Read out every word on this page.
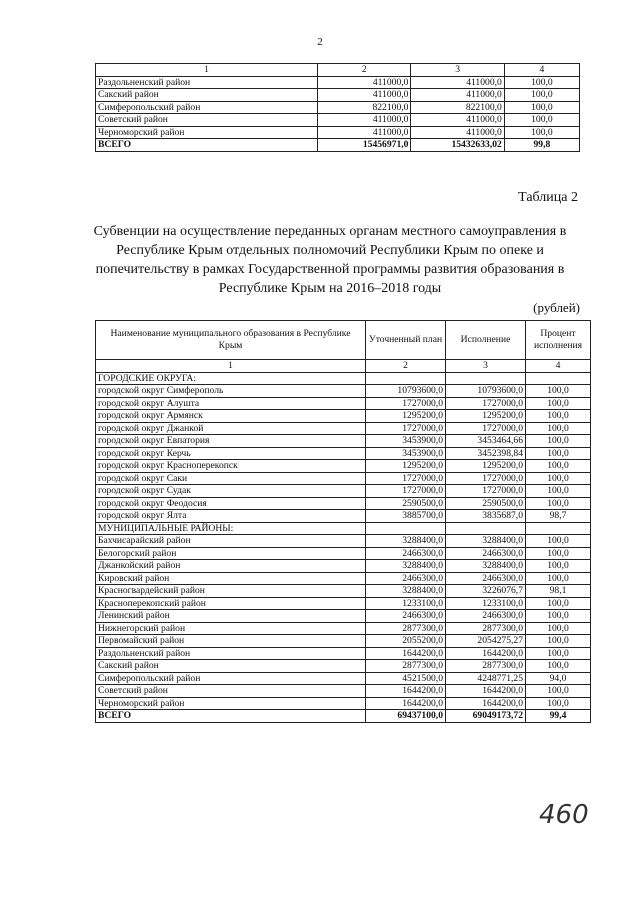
2
1	2	3	4
Раздольненский район	411000,0	411000,0	100,0
Сакский район	411000,0	411000,0	100,0
Симферопольский район	822100,0	822100,0	100,0
Советский район	411000,0	411000,0	100,0
Черноморский район	411000,0	411000,0	100,0
ВСЕГО	15456971,0	15432633,02	99,8
Таблица 2
Субвенции на осуществление переданных органам местного самоуправления в Республике Крым отдельных полномочий Республики Крым по опеке и попечительству в рамках Государственной программы развития образования в Республике Крым на 2016–2018 годы
(рублей)
Наименование муниципального образования в Республике Крым	Уточненный план	Исполнение	Процент исполнения
1	2	3	4
ГОРОДСКИЕ ОКРУГА:			
городской округ Симферополь	10793600,0	10793600,0	100,0
городской округ Алушта	1727000,0	1727000,0	100,0
городской округ Армянск	1295200,0	1295200,0	100,0
городской округ Джанкой	1727000,0	1727000,0	100,0
городской округ Евпатория	3453900,0	3453464,66	100,0
городской округ Керчь	3453900,0	3452398,84	100,0
городской округ Красноперекопск	1295200,0	1295200,0	100,0
городской округ Саки	1727000,0	1727000,0	100,0
городской округ Судак	1727000,0	1727000,0	100,0
городской округ Феодосия	2590500,0	2590500,0	100,0
городской округ Ялта	3885700,0	3835687,0	98,7
МУНИЦИПАЛЬНЫЕ РАЙОНЫ:			
Бахчисарайский район	3288400,0	3288400,0	100,0
Белогорский район	2466300,0	2466300,0	100,0
Джанкойский район	3288400,0	3288400,0	100,0
Кировский район	2466300,0	2466300,0	100,0
Красногвардейский район	3288400,0	3226076,7	98,1
Красноперекопский район	1233100,0	1233100,0	100,0
Ленинский район	2466300,0	2466300,0	100,0
Нижнегорский район	2877300,0	2877300,0	100,0
Первомайский район	2055200,0	2054275,27	100,0
Раздольненский район	1644200,0	1644200,0	100,0
Сакский район	2877300,0	2877300,0	100,0
Симферопольский район	4521500,0	4248771,25	94,0
Советский район	1644200,0	1644200,0	100,0
Черноморский район	1644200,0	1644200,0	100,0
ВСЕГО	69437100,0	69049173,72	99,4
460
